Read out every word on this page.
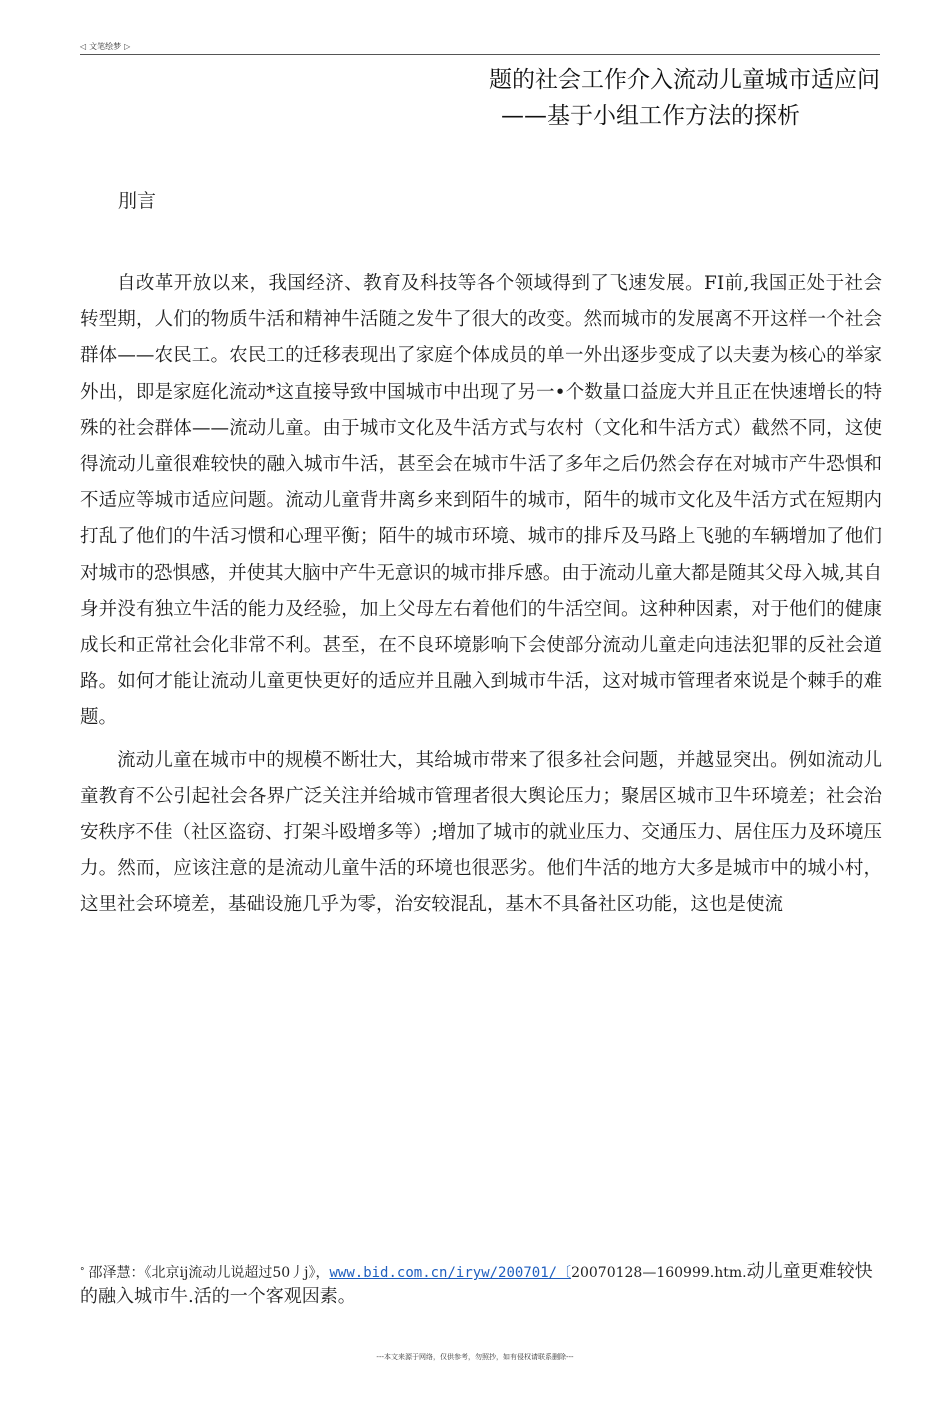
◁ 文笔绘梦 ▷
题的社会工作介入流动儿童城市适应问
——基于小组工作方法的探析
刖言

自改革开放以来，我国经济、教育及科技等各个领域得到了飞速发展。FI前,我国正处于社会转型期，人们的物质牛活和精神牛活随之发牛了很大的改变。然而城市的发展离不开这样一个社会群体——农民工。农民工的迁移表现出了家庭个体成员的单一外出逐步变成了以夫妻为核心的举家外出，即是家庭化流动*这直接导致中国城市中出现了另一•个数量口益庞大并且正在快速增长的特殊的社会群体——流动儿童。由于城市文化及牛活方式与农村（文化和牛活方式）截然不同，这使得流动儿童很难较快的融入城市牛活，甚至会在城市牛活了多年之后仍然会存在对城市产牛恐惧和不适应等城市适应问题。流动儿童背井离乡来到陌牛的城市，陌牛的城市文化及牛活方式在短期内打乱了他们的牛活习惯和心理平衡；陌牛的城市环境、城市的排斥及马路上飞驰的车辆增加了他们对城市的恐惧感，并使其大脑中产牛无意识的城市排斥感。由于流动儿童大都是随其父母入城,其自身并没有独立牛活的能力及经验，加上父母左右着他们的牛活空间。这种种因素，对于他们的健康成长和正常社会化非常不利。甚至，在不良环境影响下会使部分流动儿童走向违法犯罪的反社会道路。如何才能让流动儿童更快更好的适应并且融入到城市牛活，这对城市管理者來说是个棘手的难题。

流动儿童在城市中的规模不断壮大，其给城市带来了很多社会问题，并越显突出。例如流动儿童教育不公引起社会各界广泛关注并给城市管理者很大舆论压力；聚居区城市卫牛环境差；社会治安秩序不佳（社区盗窃、打架斗殴增多等）;增加了城市的就业压力、交通压力、居住压力及环境压力。然而，应该注意的是流动儿童牛活的环境也很恶劣。他们牛活的地方大多是城市中的城小村，这里社会环境差，基础设施几乎为零，治安较混乱，基木不具备社区功能，这也是使流

° 邵泽慧：《北京ij流动儿说超过50丿j》，www.bid.com.cn/iryw/200701/〔20070128—160999.htm.动儿童更难较快的融入城市牛.活的一个客观因素。
---本文来源于网络，仅供参考，勿照抄，如有侵权请联系删除---
